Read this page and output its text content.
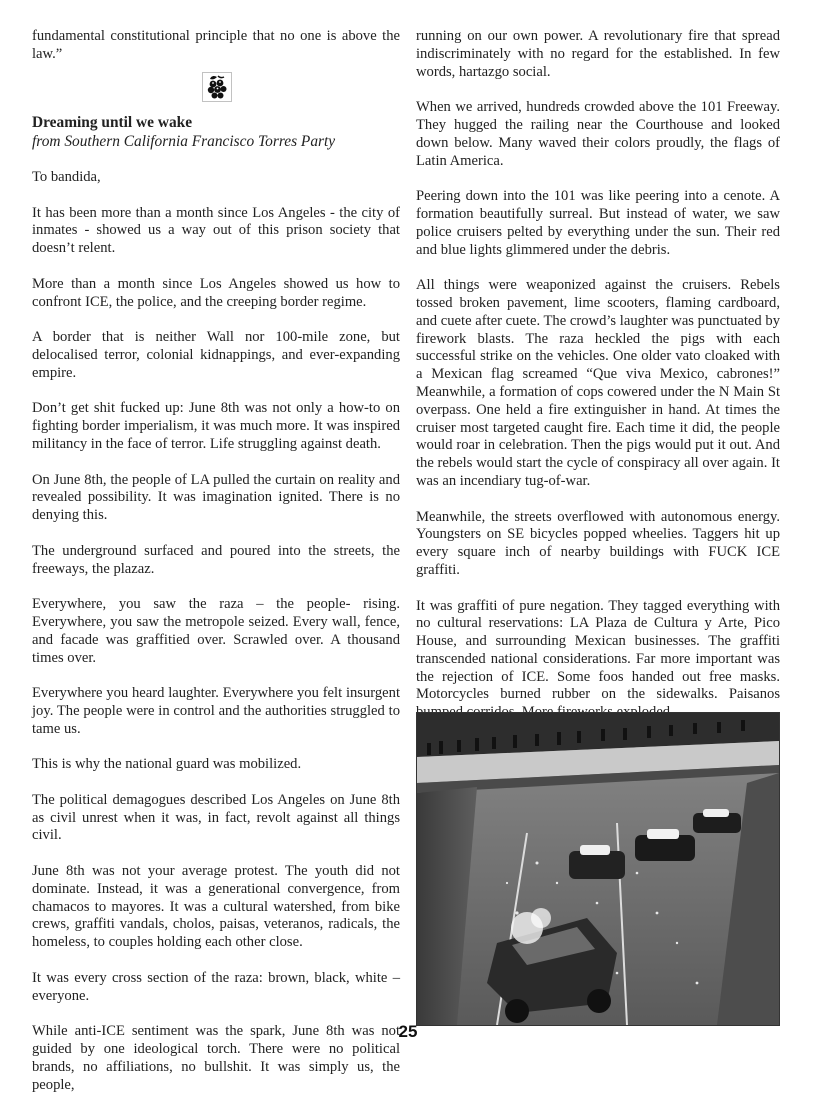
fundamental constitutional principle that no one is above the law.”

Dreaming until we wake
from Southern California Francisco Torres Party

To bandida,

It has been more than a month since Los Angeles - the city of inmates - showed us a way out of this prison society that doesn’t relent.

More than a month since Los Angeles showed us how to confront ICE, the police, and the creeping border regime.

A border that is neither Wall nor 100-mile zone, but delocalised terror, colonial kidnappings, and ever-expanding empire.

Don’t get shit fucked up: June 8th was not only a how-to on fighting border imperialism, it was much more. It was inspired militancy in the face of terror. Life struggling against death.

On June 8th, the people of LA pulled the curtain on reality and revealed possibility. It was imagination ignited. There is no denying this.

The underground surfaced and poured into the streets, the freeways, the plazaz.

Everywhere, you saw the raza – the people- rising. Everywhere, you saw the metropole seized. Every wall, fence, and facade was graffitied over. Scrawled over. A thousand times over.

Everywhere you heard laughter. Everywhere you felt insurgent joy. The people were in control and the authorities struggled to tame us.

This is why the national guard was mobilized.

The political demagogues described Los Angeles on June 8th as civil unrest when it was, in fact, revolt against all things civil.

June 8th was not your average protest. The youth did not dominate. Instead, it was a generational convergence, from chamacos to mayores. It was a cultural watershed, from bike crews, graffiti vandals, cholos, paisas, veteranos, radicals, the homeless, to couples holding each other close.

It was every cross section of the raza: brown, black, white – everyone.

While anti-ICE sentiment was the spark, June 8th was not guided by one ideological torch. There were no political brands, no affiliations, no bullshit. It was simply us, the people,

running on our own power. A revolutionary fire that spread indiscriminately with no regard for the established. In few words, hartazgo social.

When we arrived, hundreds crowded above the 101 Freeway. They hugged the railing near the Courthouse and looked down below. Many waved their colors proudly, the flags of Latin America.

Peering down into the 101 was like peering into a cenote. A formation beautifully surreal. But instead of water, we saw police cruisers pelted by everything under the sun. Their red and blue lights glimmered under the debris.

All things were weaponized against the cruisers. Rebels tossed broken pavement, lime scooters, flaming cardboard, and cuete after cuete. The crowd’s laughter was punctuated by firework blasts. The raza heckled the pigs with each successful strike on the vehicles. One older vato cloaked with a Mexican flag screamed “Que viva Mexico, cabrones!” Meanwhile, a formation of cops cowered under the N Main St overpass. One held a fire extinguisher in hand. At times the cruiser most targeted caught fire. Each time it did, the people would roar in celebration. Then the pigs would put it out. And the rebels would start the cycle of conspiracy all over again. It was an incendiary tug-of-war.

Meanwhile, the streets overflowed with autonomous energy. Youngsters on SE bicycles popped wheelies. Taggers hit up every square inch of nearby buildings with FUCK ICE graffiti.

It was graffiti of pure negation. They tagged everything with no cultural reservations: LA Plaza de Cultura y Arte, Pico House, and surrounding Mexican businesses. The graffiti transcended national considerations. Far more important was the rejection of ICE. Some foos handed out free masks. Motorcycles burned rubber on the sidewalks. Paisanos

25
